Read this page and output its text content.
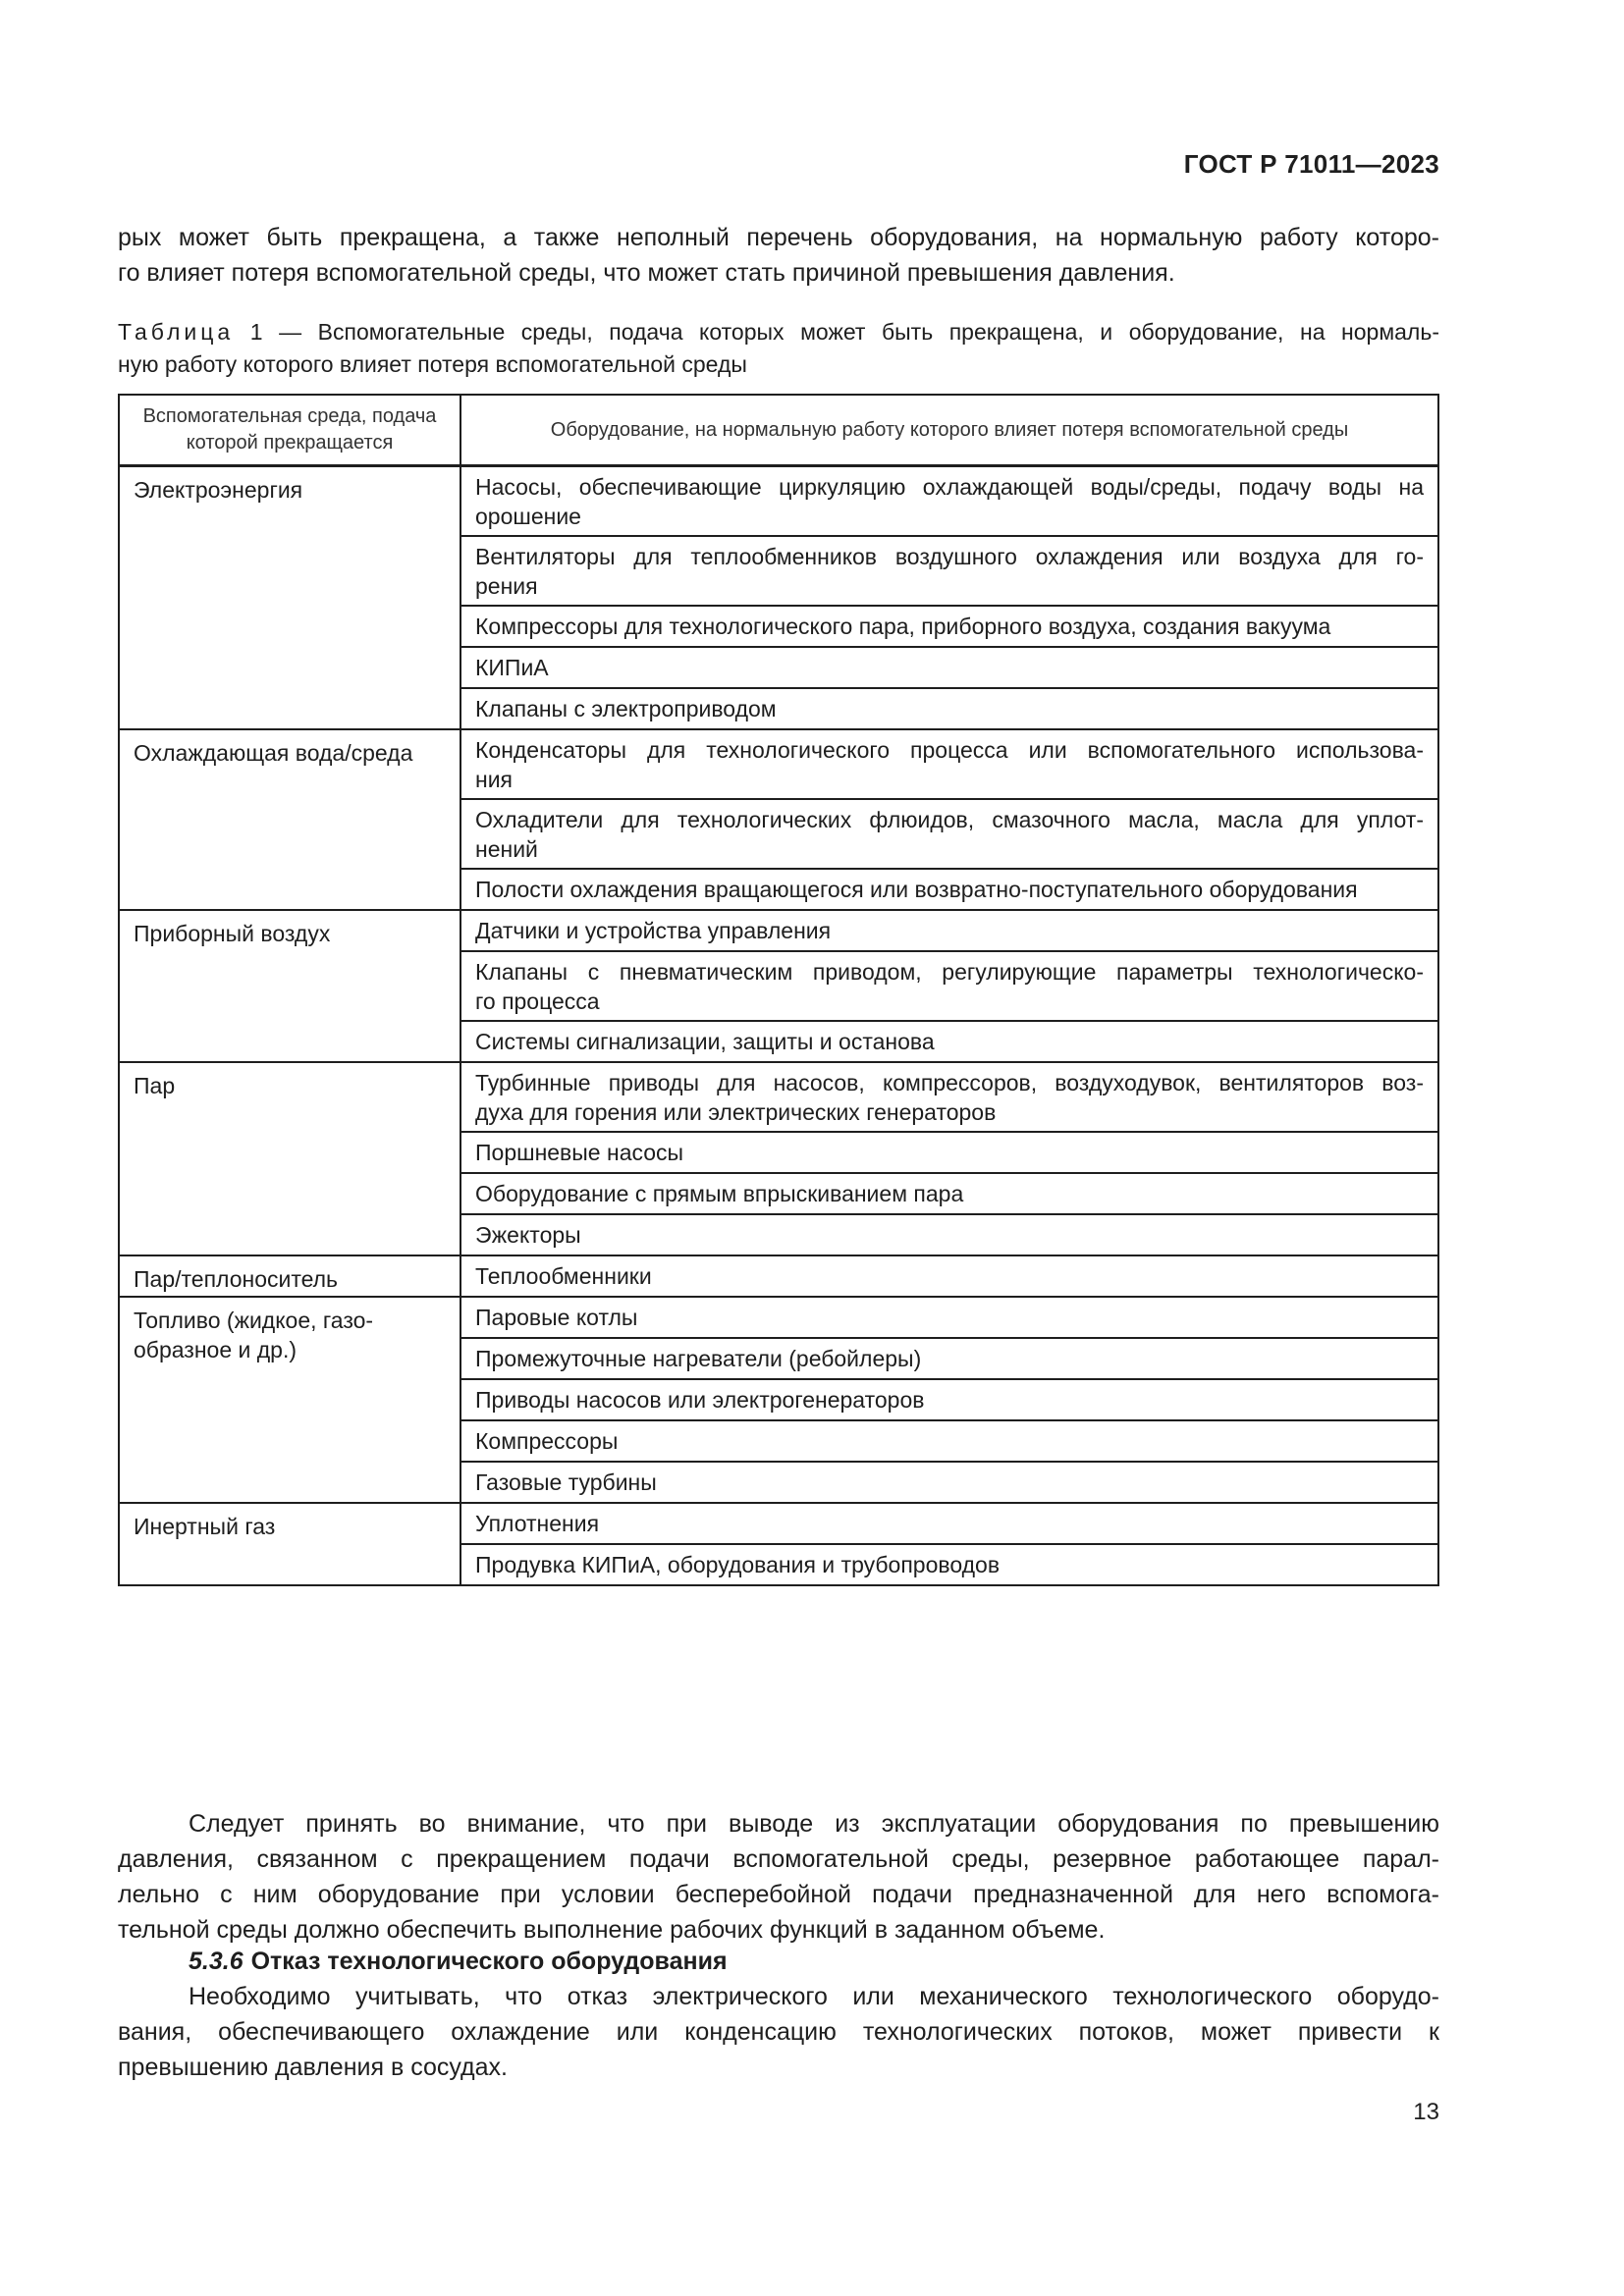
ГОСТ Р 71011—2023
рых может быть прекращена, а также неполный перечень оборудования, на нормальную работу которо-
го влияет потеря вспомогательной среды, что может стать причиной превышения давления.
Таблица 1 — Вспомогательные среды, подача которых может быть прекращена, и оборудование, на нормаль-
ную работу которого влияет потеря вспомогательной среды
Вспомогательная среда, подача которой прекращается	Оборудование, на нормальную работу которого влияет потеря вспомогательной среды

Электроэнергия	Насосы, обеспечивающие циркуляцию охлаждающей воды/среды, подачу воды на
орошение

	Вентиляторы для теплообменников воздушного охлаждения или воздуха для го-
рения

	Компрессоры для технологического пара, приборного воздуха, создания вакуума

	КИПиА

	Клапаны с электроприводом

Охлаждающая вода/среда	Конденсаторы для технологического процесса или вспомогательного использова-
ния

	Охладители для технологических флюидов, смазочного масла, масла для уплот-
нений

	Полости охлаждения вращающегося или возвратно-поступательного оборудования

Приборный воздух	Датчики и устройства управления

	Клапаны с пневматическим приводом, регулирующие параметры технологическо-
го процесса

	Системы сигнализации, защиты и останова

Пар	Турбинные приводы для насосов, компрессоров, воздуходувок, вентиляторов воз-
духа для горения или электрических генераторов

	Поршневые насосы

	Оборудование с прямым впрыскиванием пара

	Эжекторы

Пар/теплоноситель	Теплообменники

Топливо (жидкое, газо-
образное и др.)	Паровые котлы

	Промежуточные нагреватели (ребойлеры)

	Приводы насосов или электрогенераторов

	Компрессоры

	Газовые турбины

Инертный газ	Уплотнения

	Продувка КИПиА, оборудования и трубопроводов
Следует принять во внимание, что при выводе из эксплуатации оборудования по превышению
давления, связанном с прекращением подачи вспомогательной среды, резервное работающее парал-
лельно с ним оборудование при условии бесперебойной подачи предназначенной для него вспомога-
тельной среды должно обеспечить выполнение рабочих функций в заданном объеме.
5.3.6 Отказ технологического оборудования
Необходимо учитывать, что отказ электрического или механического технологического оборудо-
вания, обеспечивающего охлаждение или конденсацию технологических потоков, может привести к
превышению давления в сосудах.
13
